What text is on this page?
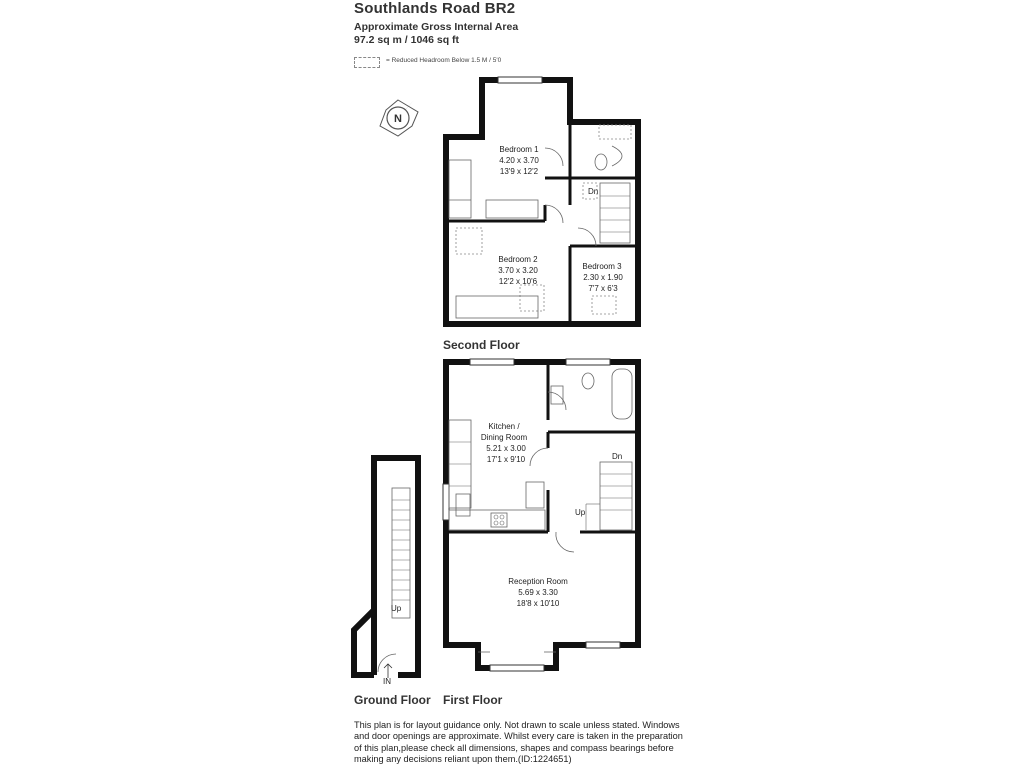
Southlands Road BR2
Approximate Gross Internal Area
97.2 sq m / 1046 sq ft
= Reduced Headroom Below 1.5 M / 5'0
N
Bedroom 1
4.20 x 3.70
13'9 x 12'2
Bedroom 2
3.70 x 3.20
12'2 x 10'6
Bedroom 3
2.30 x 1.90
7'7 x 6'3
Dn
Kitchen /
Dining Room
5.21 x 3.00
17'1 x 9'10
Reception Room
5.69 x 3.30
18'8 x 10'10
Dn
Up
Up
IN
Second Floor
First Floor
Ground Floor
This plan is for layout guidance only. Not drawn to scale unless stated. Windows and door openings are approximate. Whilst every care is taken in the preparation of this plan,please check all dimensions, shapes and compass bearings before making any decisions reliant upon them.(ID:1224651)
